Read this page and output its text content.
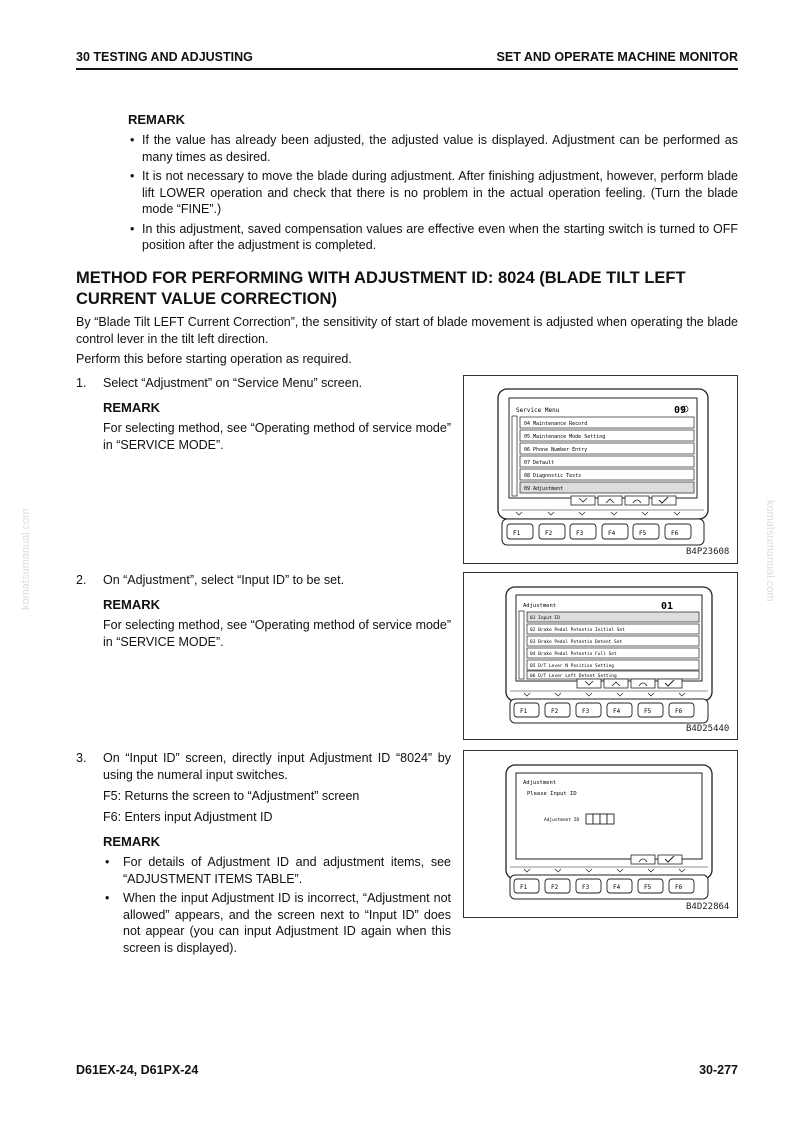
30 TESTING AND ADJUSTING	SET AND OPERATE MACHINE MONITOR
REMARK
• If the value has already been adjusted, the adjusted value is displayed. Adjustment can be performed as many times as desired.
• It is not necessary to move the blade during adjustment. After finishing adjustment, however, perform blade lift LOWER operation and check that there is no problem in the actual operation feeling. (Turn the blade mode “FINE”.)
• In this adjustment, saved compensation values are effective even when the starting switch is turned to OFF position after the adjustment is completed.
METHOD FOR PERFORMING WITH ADJUSTMENT ID: 8024 (BLADE TILT LEFT CURRENT VALUE CORRECTION)
By “Blade Tilt LEFT Current Correction”, the sensitivity of start of blade movement is adjusted when operating the blade control lever in the tilt left direction.
Perform this before starting operation as required.
1. Select “Adjustment” on “Service Menu” screen.
REMARK
For selecting method, see “Operating method of service mode” in “SERVICE MODE”.
2. On “Adjustment”, select “Input ID” to be set.
REMARK
For selecting method, see “Operating method of service mode” in “SERVICE MODE”.
3. On “Input ID” screen, directly input Adjustment ID “8024” by using the numeral input switches.
F5: Returns the screen to “Adjustment” screen
F6: Enters input Adjustment ID
REMARK
• For details of Adjustment ID and adjustment items, see “ADJUSTMENT ITEMS TABLE”.
• When the input Adjustment ID is incorrect, “Adjustment not allowed” appears, and the screen next to “Input ID” does not appear (you can input Adjustment ID again when this screen is displayed).
Service Menu	09
04 Maintenance Record
05 Maintenance Mode Setting
06 Phone Number Entry
07 Default
08 Diagnostic Tests
09 Adjustment
F1	F2	F3	F4	F5	F6
B4P23608
Adjustment	01
01 Input ID
02 Brake Pedal Potentio Initial Set
03 Brake Pedal Potentio Detent Set
04 Brake Pedal Potentio Full Set
05 D/T Lever N Position Setting
06 D/T Lever Left Detent Setting
F1	F2	F3	F4	F5	F6
B4D25440
Adjustment
Please Input ID
Adjustment ID
F1	F2	F3	F4	F5	F6
B4D22864
komatsumanual.com	komatsumanual.com
D61EX-24, D61PX-24	30-277
